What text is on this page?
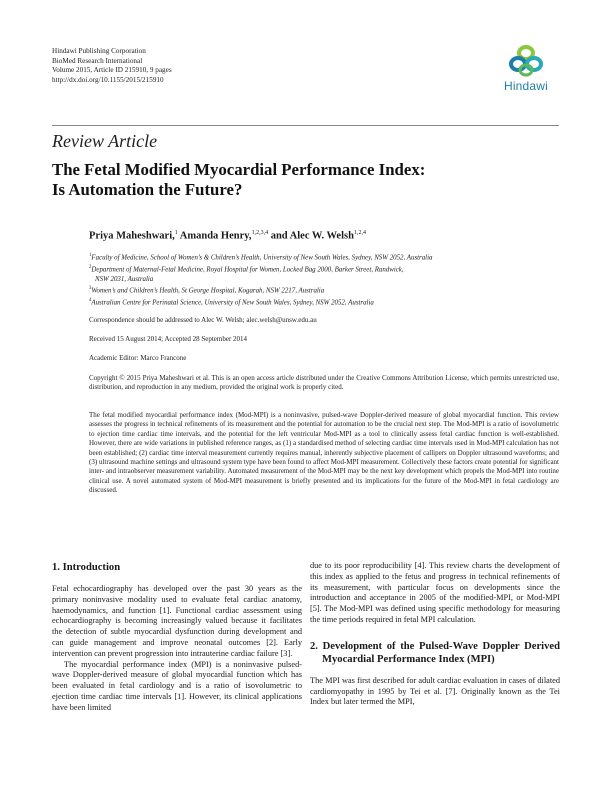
Hindawi Publishing Corporation
BioMed Research International
Volume 2015, Article ID 215910, 9 pages
http://dx.doi.org/10.1155/2015/215910	Hindawi
Review Article
The Fetal Modified Myocardial Performance Index:
Is Automation the Future?
Priya Maheshwari,$^1$ Amanda Henry,$^{1,2,3,4}$ and Alec W. Welsh$^{1,2,4}$
$^1$Faculty of Medicine, School of Women’s & Children’s Health, University of New South Wales, Sydney, NSW 2052, Australia
$^2$Department of Maternal-Fetal Medicine, Royal Hospital for Women, Locked Bag 2000, Barker Street, Randwick,
NSW 2031, Australia
$^3$Women’s and Children’s Health, St George Hospital, Kogarah, NSW 2217, Australia
$^4$Australian Centre for Perinatal Science, University of New South Wales, Sydney, NSW 2052, Australia
Correspondence should be addressed to Alec W. Welsh; alec.welsh@unsw.edu.au
Received 15 August 2014; Accepted 28 September 2014
Academic Editor: Marco Francone
Copyright © 2015 Priya Maheshwari et al. This is an open access article distributed under the Creative Commons Attribution License, which permits unrestricted use, distribution, and reproduction in any medium, provided the original work is properly cited.
The fetal modified myocardial performance index (Mod-MPI) is a noninvasive, pulsed-wave Doppler-derived measure of global myocardial function. This review assesses the progress in technical refinements of its measurement and the potential for automation to be the crucial next step. The Mod-MPI is a ratio of isovolumetric to ejection time cardiac time intervals, and the potential for the left ventricular Mod-MPI as a tool to clinically assess fetal cardiac function is well-established. However, there are wide variations in published reference ranges, as (1) a standardised method of selecting cardiac time intervals used in Mod-MPI calculation has not been established; (2) cardiac time interval measurement currently requires manual, inherently subjective placement of callipers on Doppler ultrasound waveforms; and (3) ultrasound machine settings and ultrasound system type have been found to affect Mod-MPI measurement. Collectively these factors create potential for significant inter- and intraobserver measurement variability. Automated measurement of the Mod-MPI may be the next key development which propels the Mod-MPI into routine clinical use. A novel automated system of Mod-MPI measurement is briefly presented and its implications for the future of the Mod-MPI in fetal cardiology are discussed.
1. Introduction

Fetal echocardiography has developed over the past 30 years as the primary noninvasive modality used to evaluate fetal cardiac anatomy, haemodynamics, and function [1]. Functional cardiac assessment using echocardiography is becoming increasingly valued because it facilitates the detection of subtle myocardial dysfunction during development and can guide management and improve neonatal outcomes [2]. Early intervention can prevent progression into intrauterine cardiac failure [3].

The myocardial performance index (MPI) is a noninvasive pulsed-wave Doppler-derived measure of global myocardial function which has been evaluated in fetal cardiology and is a ratio of isovolumetric to ejection time cardiac time intervals [1]. However, its clinical applications have been limited

due to its poor reproducibility [4]. This review charts the development of this index as applied to the fetus and progress in technical refinements of its measurement, with particular focus on developments since the introduction and acceptance in 2005 of the modified-MPI, or Mod-MPI [5]. The Mod-MPI was defined using specific methodology for measuring the time periods required in fetal MPI calculation.

2. Development of the Pulsed-Wave Doppler Derived Myocardial Performance Index (MPI)

The MPI was first described for adult cardiac evaluation in cases of dilated cardiomyopathy in 1995 by Tei et al. [7]. Originally known as the Tei Index but later termed the MPI,
